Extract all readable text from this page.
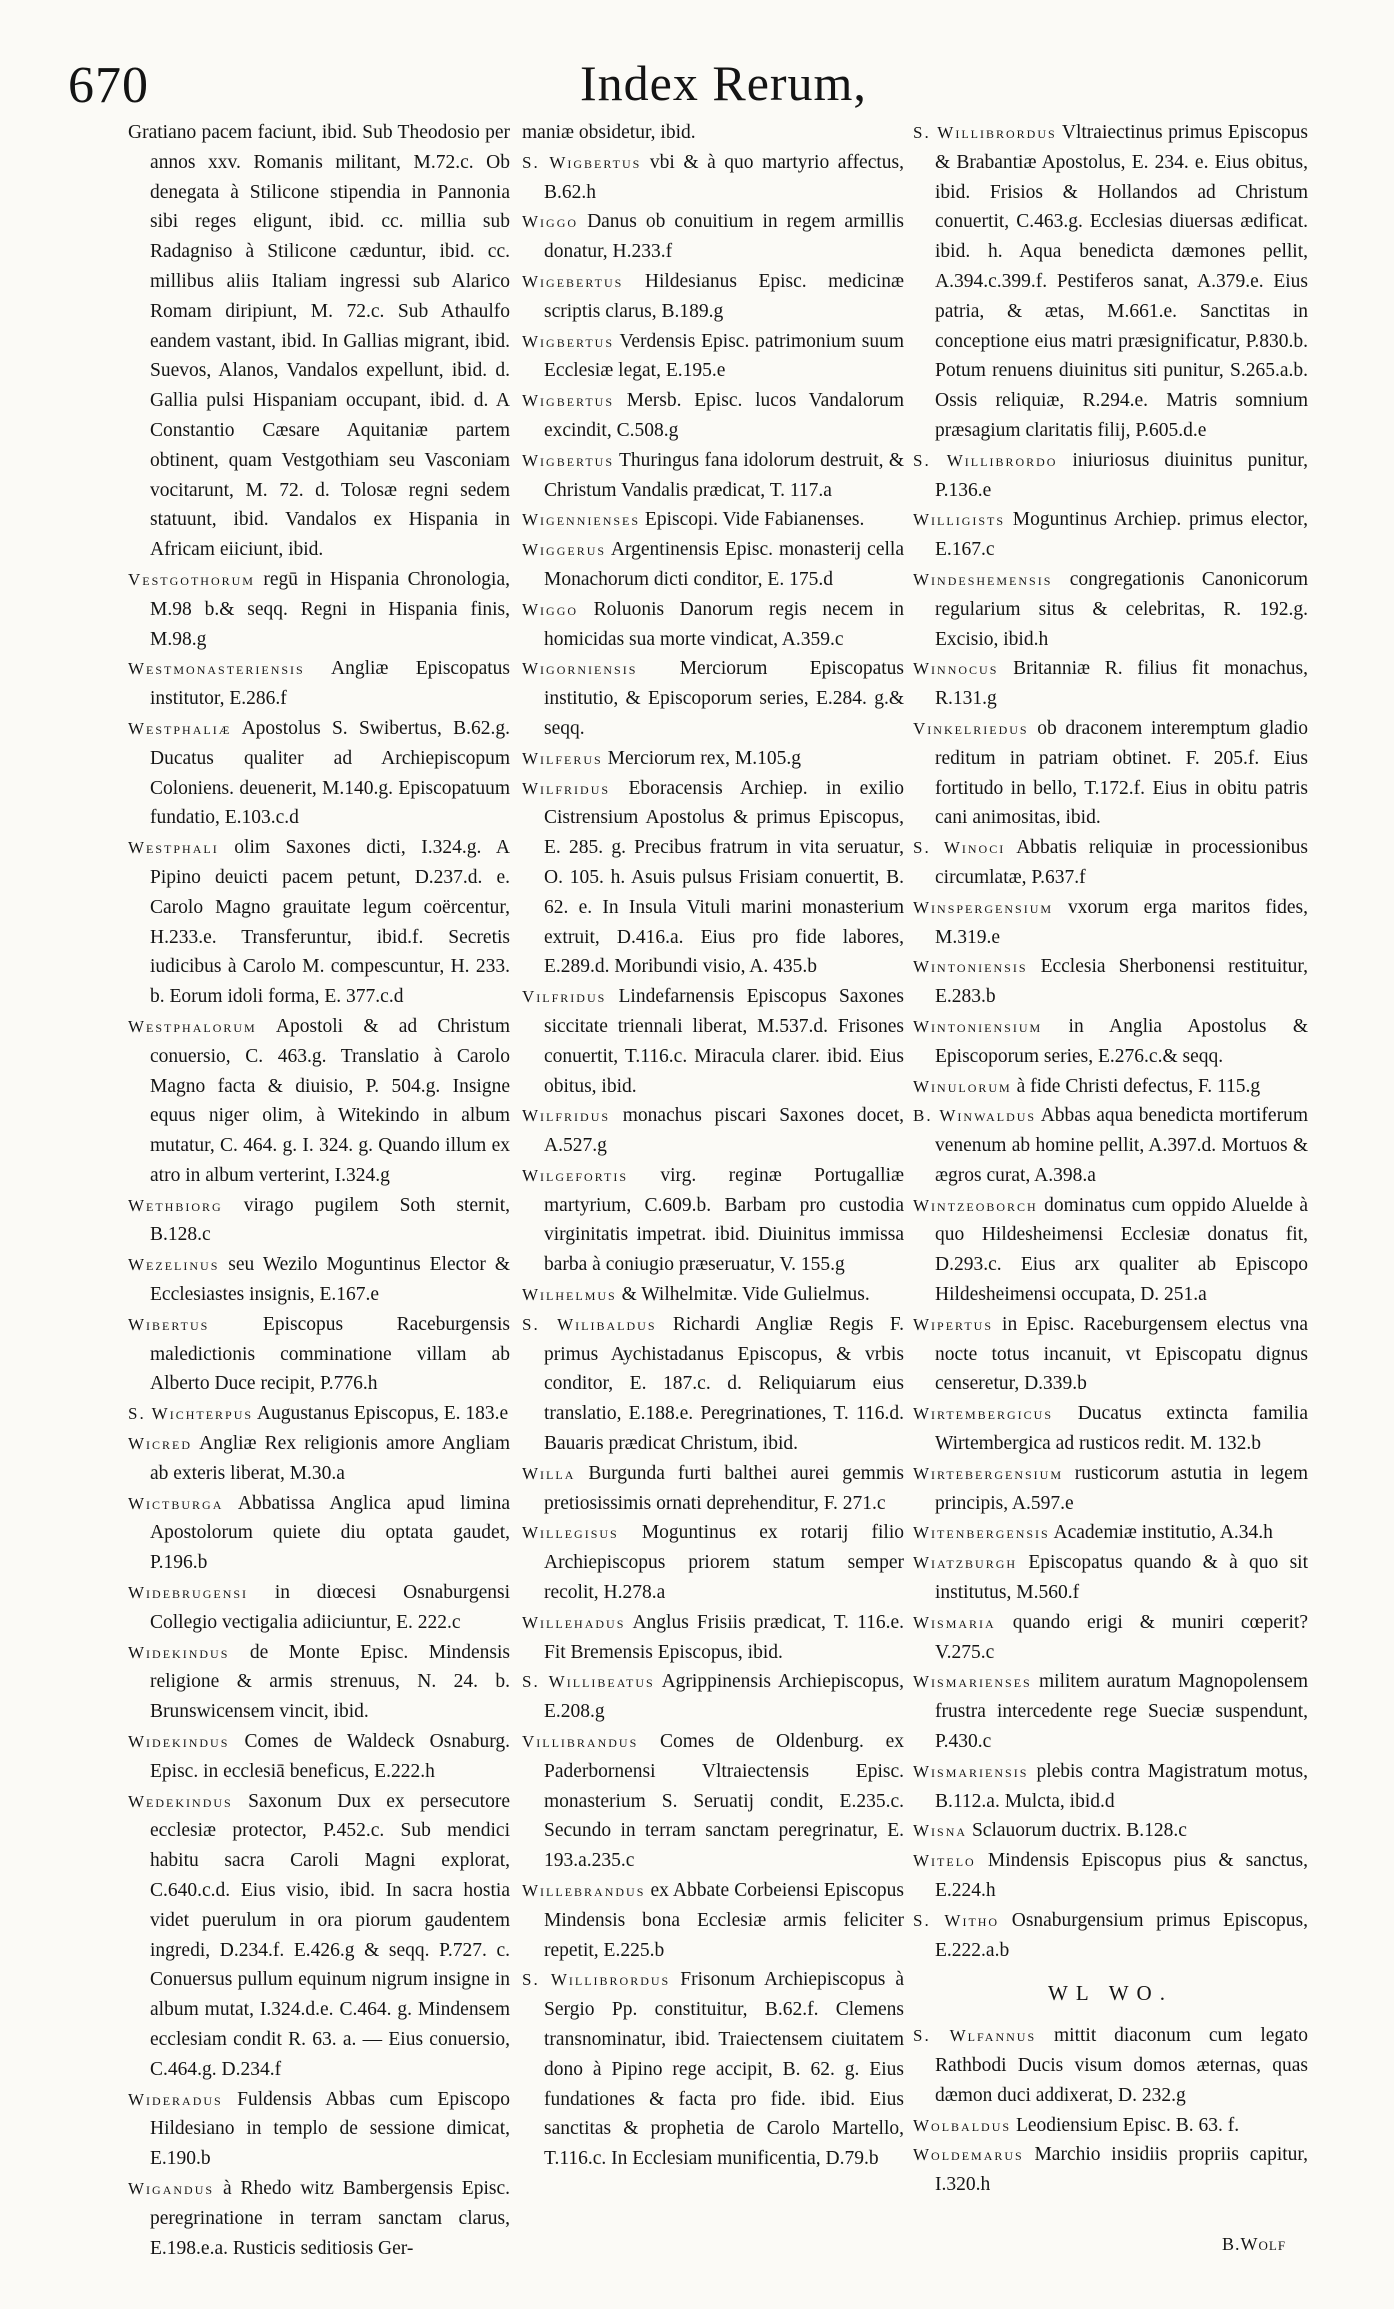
670	Index Rerum,
Gratiano pacem faciunt, ibid. Sub Theodosio per annos xxv. Romanis militant, M.72.c. Ob denegata à Stilicone stipendia in Pannonia sibi reges eligunt, ibid. cc. millia sub Radagniso à Stilicone cæduntur, ibid. cc. millibus aliis Italiam ingressi sub Alarico Romam diripiunt, M. 72.c. Sub Athaulfo eandem vastant, ibid. In Gallias migrant, ibid. Suevos, Alanos, Vandalos expellunt, ibid. d. Gallia pulsi Hispaniam occupant, ibid. d. A Constantio Cæsare Aquitaniæ partem obtinent, quam Vestgothiam seu Vasconiam vocitarunt, M. 72. d. Tolosæ regni sedem statuunt, ibid. Vandalos ex Hispania in Africam eiiciunt, ibid.
Vestgothorum regū in Hispania Chronologia, M.98 b.& seqq. Regni in Hispania finis, M.98.g
Westmonasteriensis Angliæ Episcopatus institutor, E.286.f
Westphaliæ Apostolus S. Swibertus, B.62.g. Ducatus qualiter ad Archiepiscopum Coloniens. deuenerit, M.140.g. Episcopatuum fundatio, E.103.c.d
Westphali olim Saxones dicti, I.324.g. A Pipino deuicti pacem petunt, D.237.d. e. Carolo Magno grauitate legum coërcentur, H.233.e. Transferuntur, ibid.f. Secretis iudicibus à Carolo M. compescuntur, H. 233. b. Eorum idoli forma, E. 377.c.d
Westphalorum Apostoli & ad Christum conuersio, C. 463.g. Translatio à Carolo Magno facta & diuisio, P. 504.g. Insigne equus niger olim, à Witekindo in album mutatur, C. 464. g. I. 324. g. Quando illum ex atro in album verterint, I.324.g
Wethbiorg virago pugilem Soth sternit, B.128.c
Wezelinus seu Wezilo Moguntinus Elector & Ecclesiastes insignis, E.167.e
Wibertus	Episcopus Raceburgensis maledictionis comminatione villam ab Alberto Duce recipit, P.776.h
S. Wichterpus Augustanus Episcopus, E. 183.e
Wicred Angliæ Rex religionis amore Angliam ab exteris liberat, M.30.a
Wictburga Abbatissa Anglica apud limina Apostolorum quiete diu optata gaudet, P.196.b
Widebrugensi in diœcesi Osnaburgensi Collegio vectigalia adiiciuntur, E. 222.c
Widekindus de Monte Episc. Mindensis religione & armis strenuus, N. 24. b. Brunswicensem vincit, ibid.
Widekindus Comes de Waldeck Osnaburg. Episc. in ecclesiā beneficus, E.222.h
Wedekindus Saxonum Dux ex persecutore ecclesiæ protector, P.452.c. Sub mendici habitu sacra Caroli Magni explorat, C.640.c.d. Eius visio, ibid. In sacra hostia videt puerulum in ora piorum gaudentem ingredi, D.234.f. E.426.g & seqq. P.727. c. Conuersus pullum equinum nigrum insigne in album mutat, I.324.d.e. C.464. g. Mindensem ecclesiam condit R. 63. a. — Eius conuersio, C.464.g. D.234.f
Wideradus Fuldensis Abbas cum Episcopo Hildesiano in templo de sessione dimicat, E.190.b
Wigandus à Rhedo witz Bambergensis Episc. peregrinatione in terram sanctam clarus, E.198.e.a. Rusticis seditiosis Ger-
maniæ obsidetur, ibid.
S. Wigbertus vbi & à quo martyrio affectus, B.62.h
Wiggo Danus ob conuitium in regem armillis donatur, H.233.f
Wigebertus Hildesianus Episc. medicinæ scriptis clarus, B.189.g
Wigbertus Verdensis Episc. patrimonium suum Ecclesiæ legat, E.195.e
Wigbertus Mersb. Episc. lucos Vandalorum excindit, C.508.g
Wigbertus Thuringus fana idolorum destruit, & Christum Vandalis prædicat, T. 117.a
Wigennienses Episcopi. Vide Fabianenses.
Wiggerus Argentinensis Episc. monasterij cella Monachorum dicti conditor, E. 175.d
Wiggo Roluonis Danorum regis necem in homicidas sua morte vindicat, A.359.c
Wigorniensis Merciorum Episcopatus institutio, & Episcoporum series, E.284. g.& seqq.
Wilferus Merciorum rex, M.105.g
Wilfridus Eboracensis Archiep. in exilio Cistrensium Apostolus & primus Episcopus, E. 285. g. Precibus fratrum in vita seruatur, O. 105. h. Asuis pulsus Frisiam conuertit, B. 62. e. In Insula Vituli marini monasterium extruit, D.416.a. Eius pro fide labores, E.289.d. Moribundi visio, A. 435.b
Vilfridus Lindefarnensis Episcopus Saxones siccitate triennali liberat, M.537.d. Frisones conuertit, T.116.c. Miracula clarer. ibid. Eius obitus, ibid.
Wilfridus monachus piscari Saxones docet, A.527.g
Wilgefortis virg. reginæ Portugalliæ martyrium, C.609.b. Barbam pro custodia virginitatis impetrat. ibid. Diuinitus immissa barba à coniugio præseruatur, V. 155.g
Wilhelmus & Wilhelmitæ. Vide Gulielmus.
S. Wilibaldus Richardi Angliæ Regis F. primus Aychistadanus Episcopus, & vrbis conditor, E. 187.c. d. Reliquiarum eius translatio, E.188.e. Peregrinationes, T. 116.d. Bauaris prædicat Christum, ibid.
Willa Burgunda furti balthei aurei gemmis pretiosissimis ornati deprehenditur, F. 271.c
Willegisus Moguntinus ex rotarij filio Archiepiscopus priorem statum semper recolit, H.278.a
Willehadus Anglus Frisiis prædicat, T. 116.e. Fit Bremensis Episcopus, ibid.
S. Willibeatus Agrippinensis Archiepiscopus, E.208.g
Villibrandus Comes de Oldenburg. ex Paderbornensi Vltraiectensis Episc. monasterium S. Seruatij condit, E.235.c. Secundo in terram sanctam peregrinatur, E. 193.a.235.c
Willebrandus ex Abbate Corbeiensi Episcopus Mindensis bona Ecclesiæ armis feliciter repetit, E.225.b
S. Willibrordus Frisonum Archiepiscopus à Sergio Pp. constituitur, B.62.f. Clemens transnominatur, ibid. Traiectensem ciuitatem dono à Pipino rege accipit, B. 62. g. Eius fundationes & facta pro fide. ibid. Eius sanctitas & prophetia de Carolo Martello, T.116.c. In Ecclesiam munificentia, D.79.b
S. Willibrordus Vltraiectinus primus Episcopus & Brabantiæ Apostolus, E. 234. e. Eius obitus, ibid. Frisios & Hollandos ad Christum conuertit, C.463.g. Ecclesias diuersas ædificat. ibid. h. Aqua benedicta dæmones pellit, A.394.c.399.f. Pestiferos sanat, A.379.e. Eius patria, & ætas, M.661.e. Sanctitas in conceptione eius matri præsignificatur, P.830.b. Potum renuens diuinitus siti punitur, S.265.a.b. Ossis reliquiæ, R.294.e. Matris somnium præsagium claritatis filij, P.605.d.e
S. Willibrordo iniuriosus diuinitus punitur, P.136.e
Willigists Moguntinus Archiep. primus elector, E.167.c
Windeshemensis congregationis Canonicorum regularium situs & celebritas, R. 192.g. Excisio, ibid.h
Winnocus Britanniæ R. filius fit monachus, R.131.g
Vinkelriedus ob draconem interemptum gladio reditum in patriam obtinet. F. 205.f. Eius fortitudo in bello, T.172.f. Eius in obitu patris cani animositas, ibid.
S. Winoci Abbatis reliquiæ in processionibus circumlatæ, P.637.f
Winspergensium vxorum erga maritos fides, M.319.e
Wintoniensis Ecclesia Sherbonensi restituitur, E.283.b
Wintoniensium in Anglia Apostolus & Episcoporum series, E.276.c.& seqq.
Winulorum à fide Christi defectus, F. 115.g
B. Winwaldus Abbas aqua benedicta mortiferum venenum ab homine pellit, A.397.d. Mortuos & ægros curat, A.398.a
Wintzeoborch dominatus cum oppido Aluelde à quo Hildesheimensi Ecclesiæ donatus fit, D.293.c. Eius arx qualiter ab Episcopo Hildesheimensi occupata, D. 251.a
Wipertus in Episc. Raceburgensem electus vna nocte totus incanuit, vt Episcopatu dignus censeretur, D.339.b
Wirtembergicus Ducatus extincta familia Wirtembergica ad rusticos redit. M. 132.b
Wirtebergensium rusticorum astutia in legem principis, A.597.e
Witenbergensis Academiæ institutio, A.34.h
Wiatzburgh Episcopatus quando & à quo sit institutus, M.560.f
Wismaria quando erigi & muniri cœperit? V.275.c
Wismarienses militem auratum Magnopolensem frustra intercedente rege Sueciæ suspendunt, P.430.c
Wismariensis plebis contra Magistratum motus, B.112.a. Mulcta, ibid.d
Wisna Sclauorum ductrix. B.128.c
Witelo Mindensis Episcopus pius & sanctus, E.224.h
S. Witho Osnaburgensium primus Episcopus, E.222.a.b
WL WO.
S. Wlfannus mittit diaconum cum legato Rathbodi Ducis visum domos æternas, quas dæmon duci addixerat, D. 232.g
Wolbaldus Leodiensium Episc. B. 63. f.
Woldemarus Marchio insidiis propriis capitur, I.320.h
B.Wolf
